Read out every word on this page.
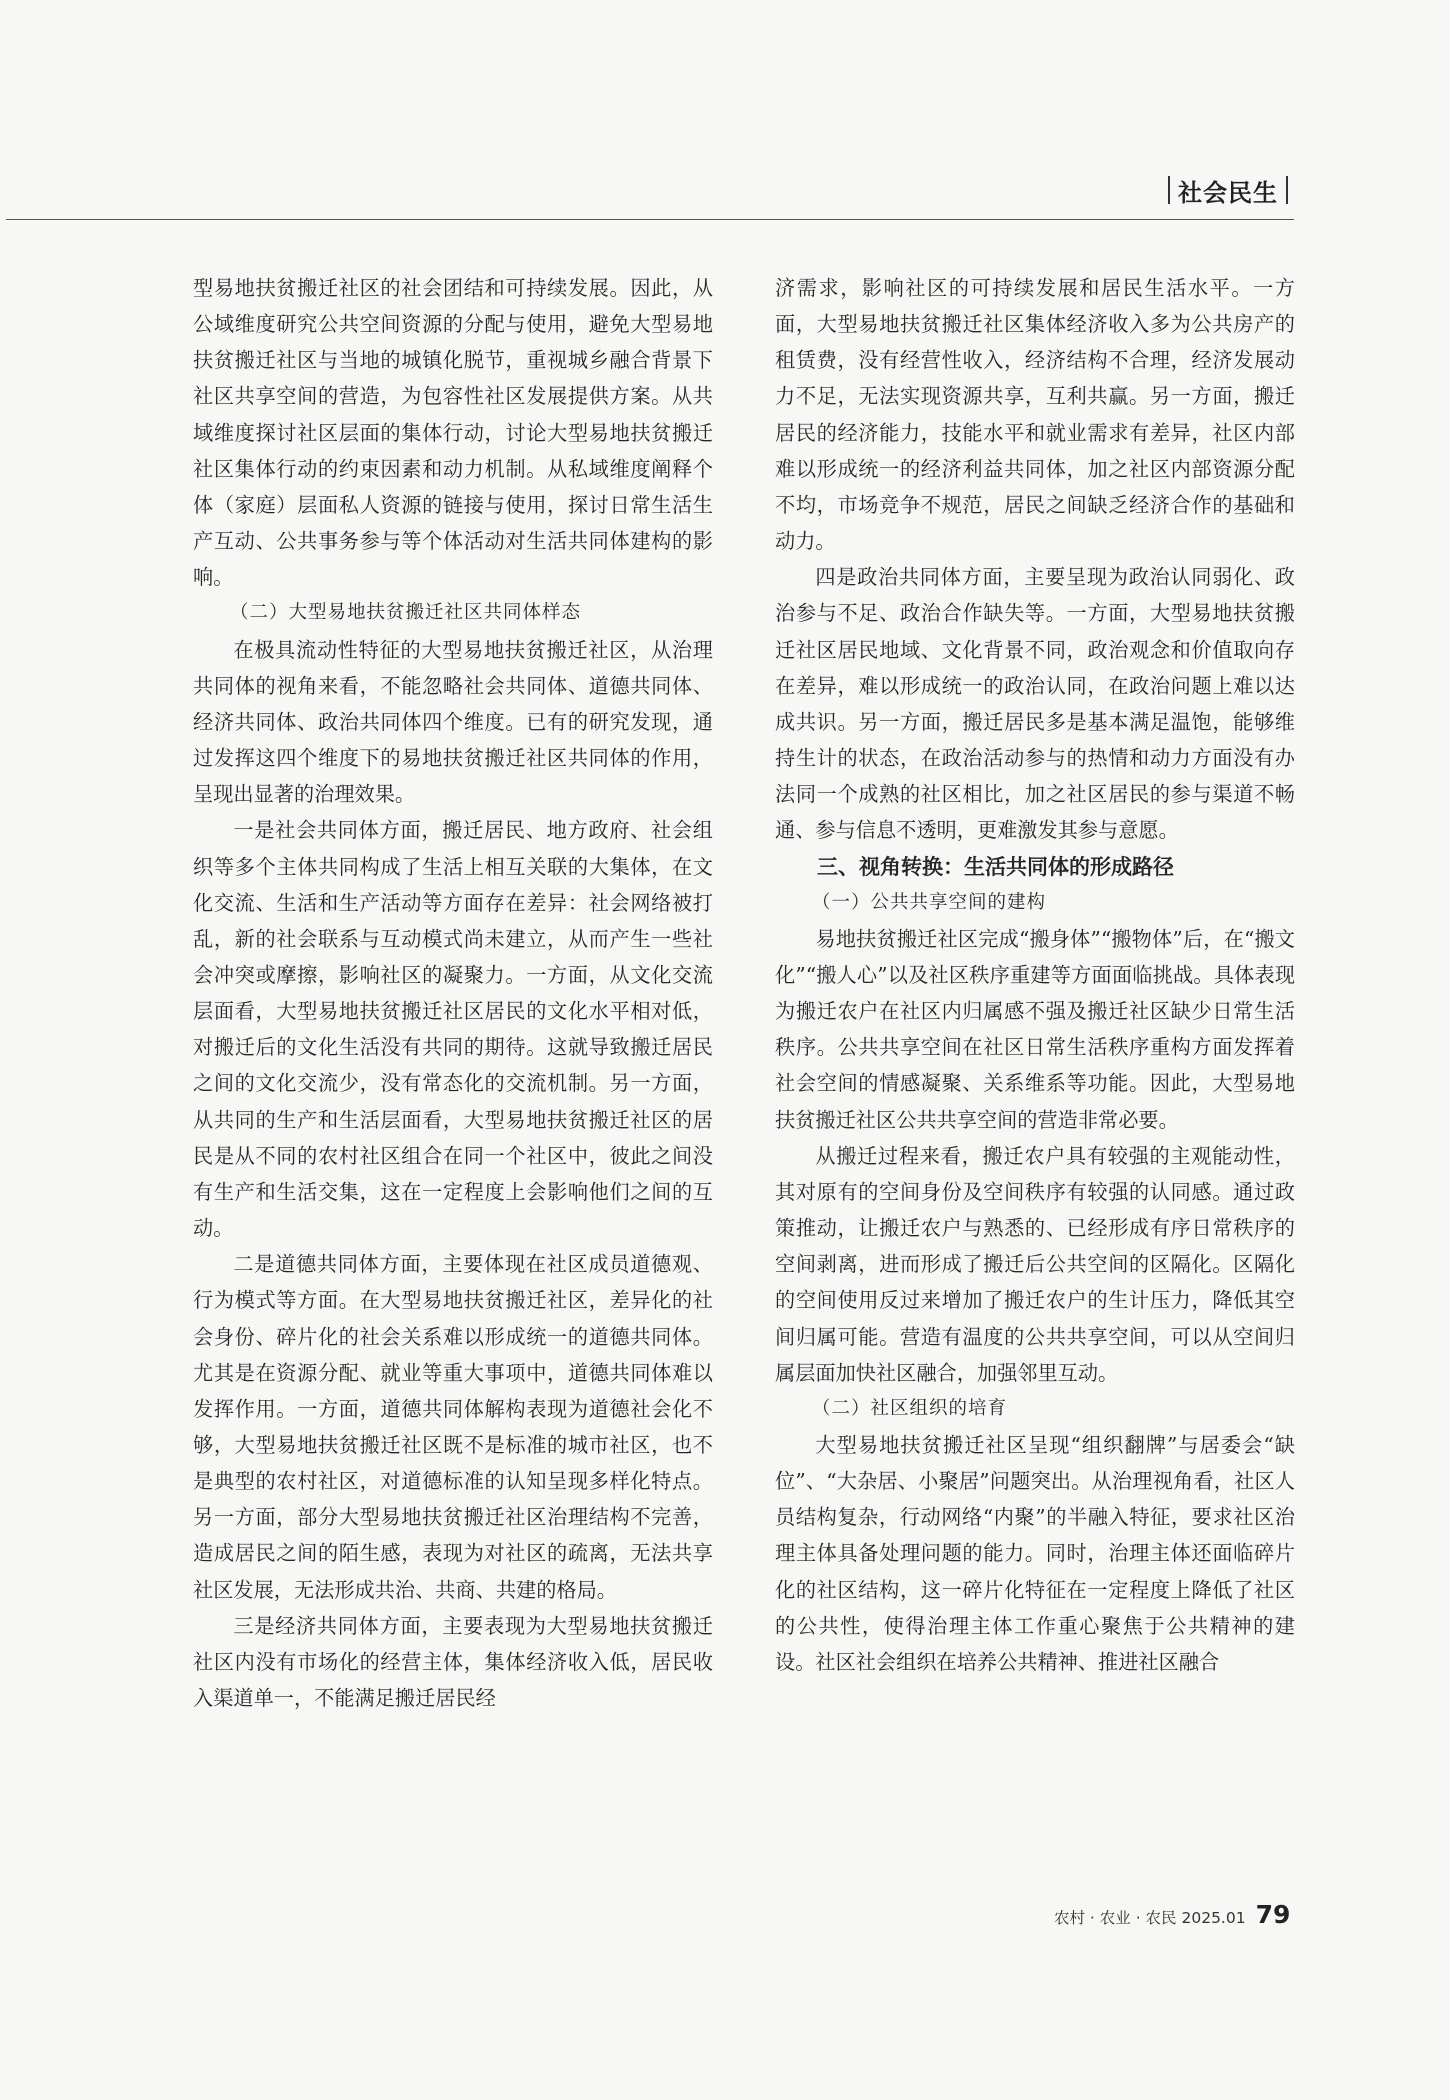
社会民生

型易地扶贫搬迁社区的社会团结和可持续发展。因此，从公域维度研究公共空间资源的分配与使用，避免大型易地扶贫搬迁社区与当地的城镇化脱节，重视城乡融合背景下社区共享空间的营造，为包容性社区发展提供方案。从共域维度探讨社区层面的集体行动，讨论大型易地扶贫搬迁社区集体行动的约束因素和动力机制。从私域维度阐释个体（家庭）层面私人资源的链接与使用，探讨日常生活生产互动、公共事务参与等个体活动对生活共同体建构的影响。

（二）大型易地扶贫搬迁社区共同体样态

在极具流动性特征的大型易地扶贫搬迁社区，从治理共同体的视角来看，不能忽略社会共同体、道德共同体、经济共同体、政治共同体四个维度。已有的研究发现，通过发挥这四个维度下的易地扶贫搬迁社区共同体的作用，呈现出显著的治理效果。

一是社会共同体方面，搬迁居民、地方政府、社会组织等多个主体共同构成了生活上相互关联的大集体，在文化交流、生活和生产活动等方面存在差异：社会网络被打乱，新的社会联系与互动模式尚未建立，从而产生一些社会冲突或摩擦，影响社区的凝聚力。一方面，从文化交流层面看，大型易地扶贫搬迁社区居民的文化水平相对低，对搬迁后的文化生活没有共同的期待。这就导致搬迁居民之间的文化交流少，没有常态化的交流机制。另一方面，从共同的生产和生活层面看，大型易地扶贫搬迁社区的居民是从不同的农村社区组合在同一个社区中，彼此之间没有生产和生活交集，这在一定程度上会影响他们之间的互动。

二是道德共同体方面，主要体现在社区成员道德观、行为模式等方面。在大型易地扶贫搬迁社区，差异化的社会身份、碎片化的社会关系难以形成统一的道德共同体。尤其是在资源分配、就业等重大事项中，道德共同体难以发挥作用。一方面，道德共同体解构表现为道德社会化不够，大型易地扶贫搬迁社区既不是标准的城市社区，也不是典型的农村社区，对道德标准的认知呈现多样化特点。另一方面，部分大型易地扶贫搬迁社区治理结构不完善，造成居民之间的陌生感，表现为对社区的疏离，无法共享社区发展，无法形成共治、共商、共建的格局。

三是经济共同体方面，主要表现为大型易地扶贫搬迁社区内没有市场化的经营主体，集体经济收入低，居民收入渠道单一，不能满足搬迁居民经

济需求，影响社区的可持续发展和居民生活水平。一方面，大型易地扶贫搬迁社区集体经济收入多为公共房产的租赁费，没有经营性收入，经济结构不合理，经济发展动力不足，无法实现资源共享，互利共赢。另一方面，搬迁居民的经济能力，技能水平和就业需求有差异，社区内部难以形成统一的经济利益共同体，加之社区内部资源分配不均，市场竞争不规范，居民之间缺乏经济合作的基础和动力。

四是政治共同体方面，主要呈现为政治认同弱化、政治参与不足、政治合作缺失等。一方面，大型易地扶贫搬迁社区居民地域、文化背景不同，政治观念和价值取向存在差异，难以形成统一的政治认同，在政治问题上难以达成共识。另一方面，搬迁居民多是基本满足温饱，能够维持生计的状态，在政治活动参与的热情和动力方面没有办法同一个成熟的社区相比，加之社区居民的参与渠道不畅通、参与信息不透明，更难激发其参与意愿。

三、视角转换：生活共同体的形成路径

（一）公共共享空间的建构

易地扶贫搬迁社区完成“搬身体”“搬物体”后，在“搬文化”“搬人心”以及社区秩序重建等方面面临挑战。具体表现为搬迁农户在社区内归属感不强及搬迁社区缺少日常生活秩序。公共共享空间在社区日常生活秩序重构方面发挥着社会空间的情感凝聚、关系维系等功能。因此，大型易地扶贫搬迁社区公共共享空间的营造非常必要。

从搬迁过程来看，搬迁农户具有较强的主观能动性，其对原有的空间身份及空间秩序有较强的认同感。通过政策推动，让搬迁农户与熟悉的、已经形成有序日常秩序的空间剥离，进而形成了搬迁后公共空间的区隔化。区隔化的空间使用反过来增加了搬迁农户的生计压力，降低其空间归属可能。营造有温度的公共共享空间，可以从空间归属层面加快社区融合，加强邻里互动。

（二）社区组织的培育

大型易地扶贫搬迁社区呈现“组织翻牌”与居委会“缺位”、“大杂居、小聚居”问题突出。从治理视角看，社区人员结构复杂，行动网络“内聚”的半融入特征，要求社区治理主体具备处理问题的能力。同时，治理主体还面临碎片化的社区结构，这一碎片化特征在一定程度上降低了社区的公共性，使得治理主体工作重心聚焦于公共精神的建设。社区社会组织在培养公共精神、推进社区融合

农村 · 农业 · 农民 2025.01 79
